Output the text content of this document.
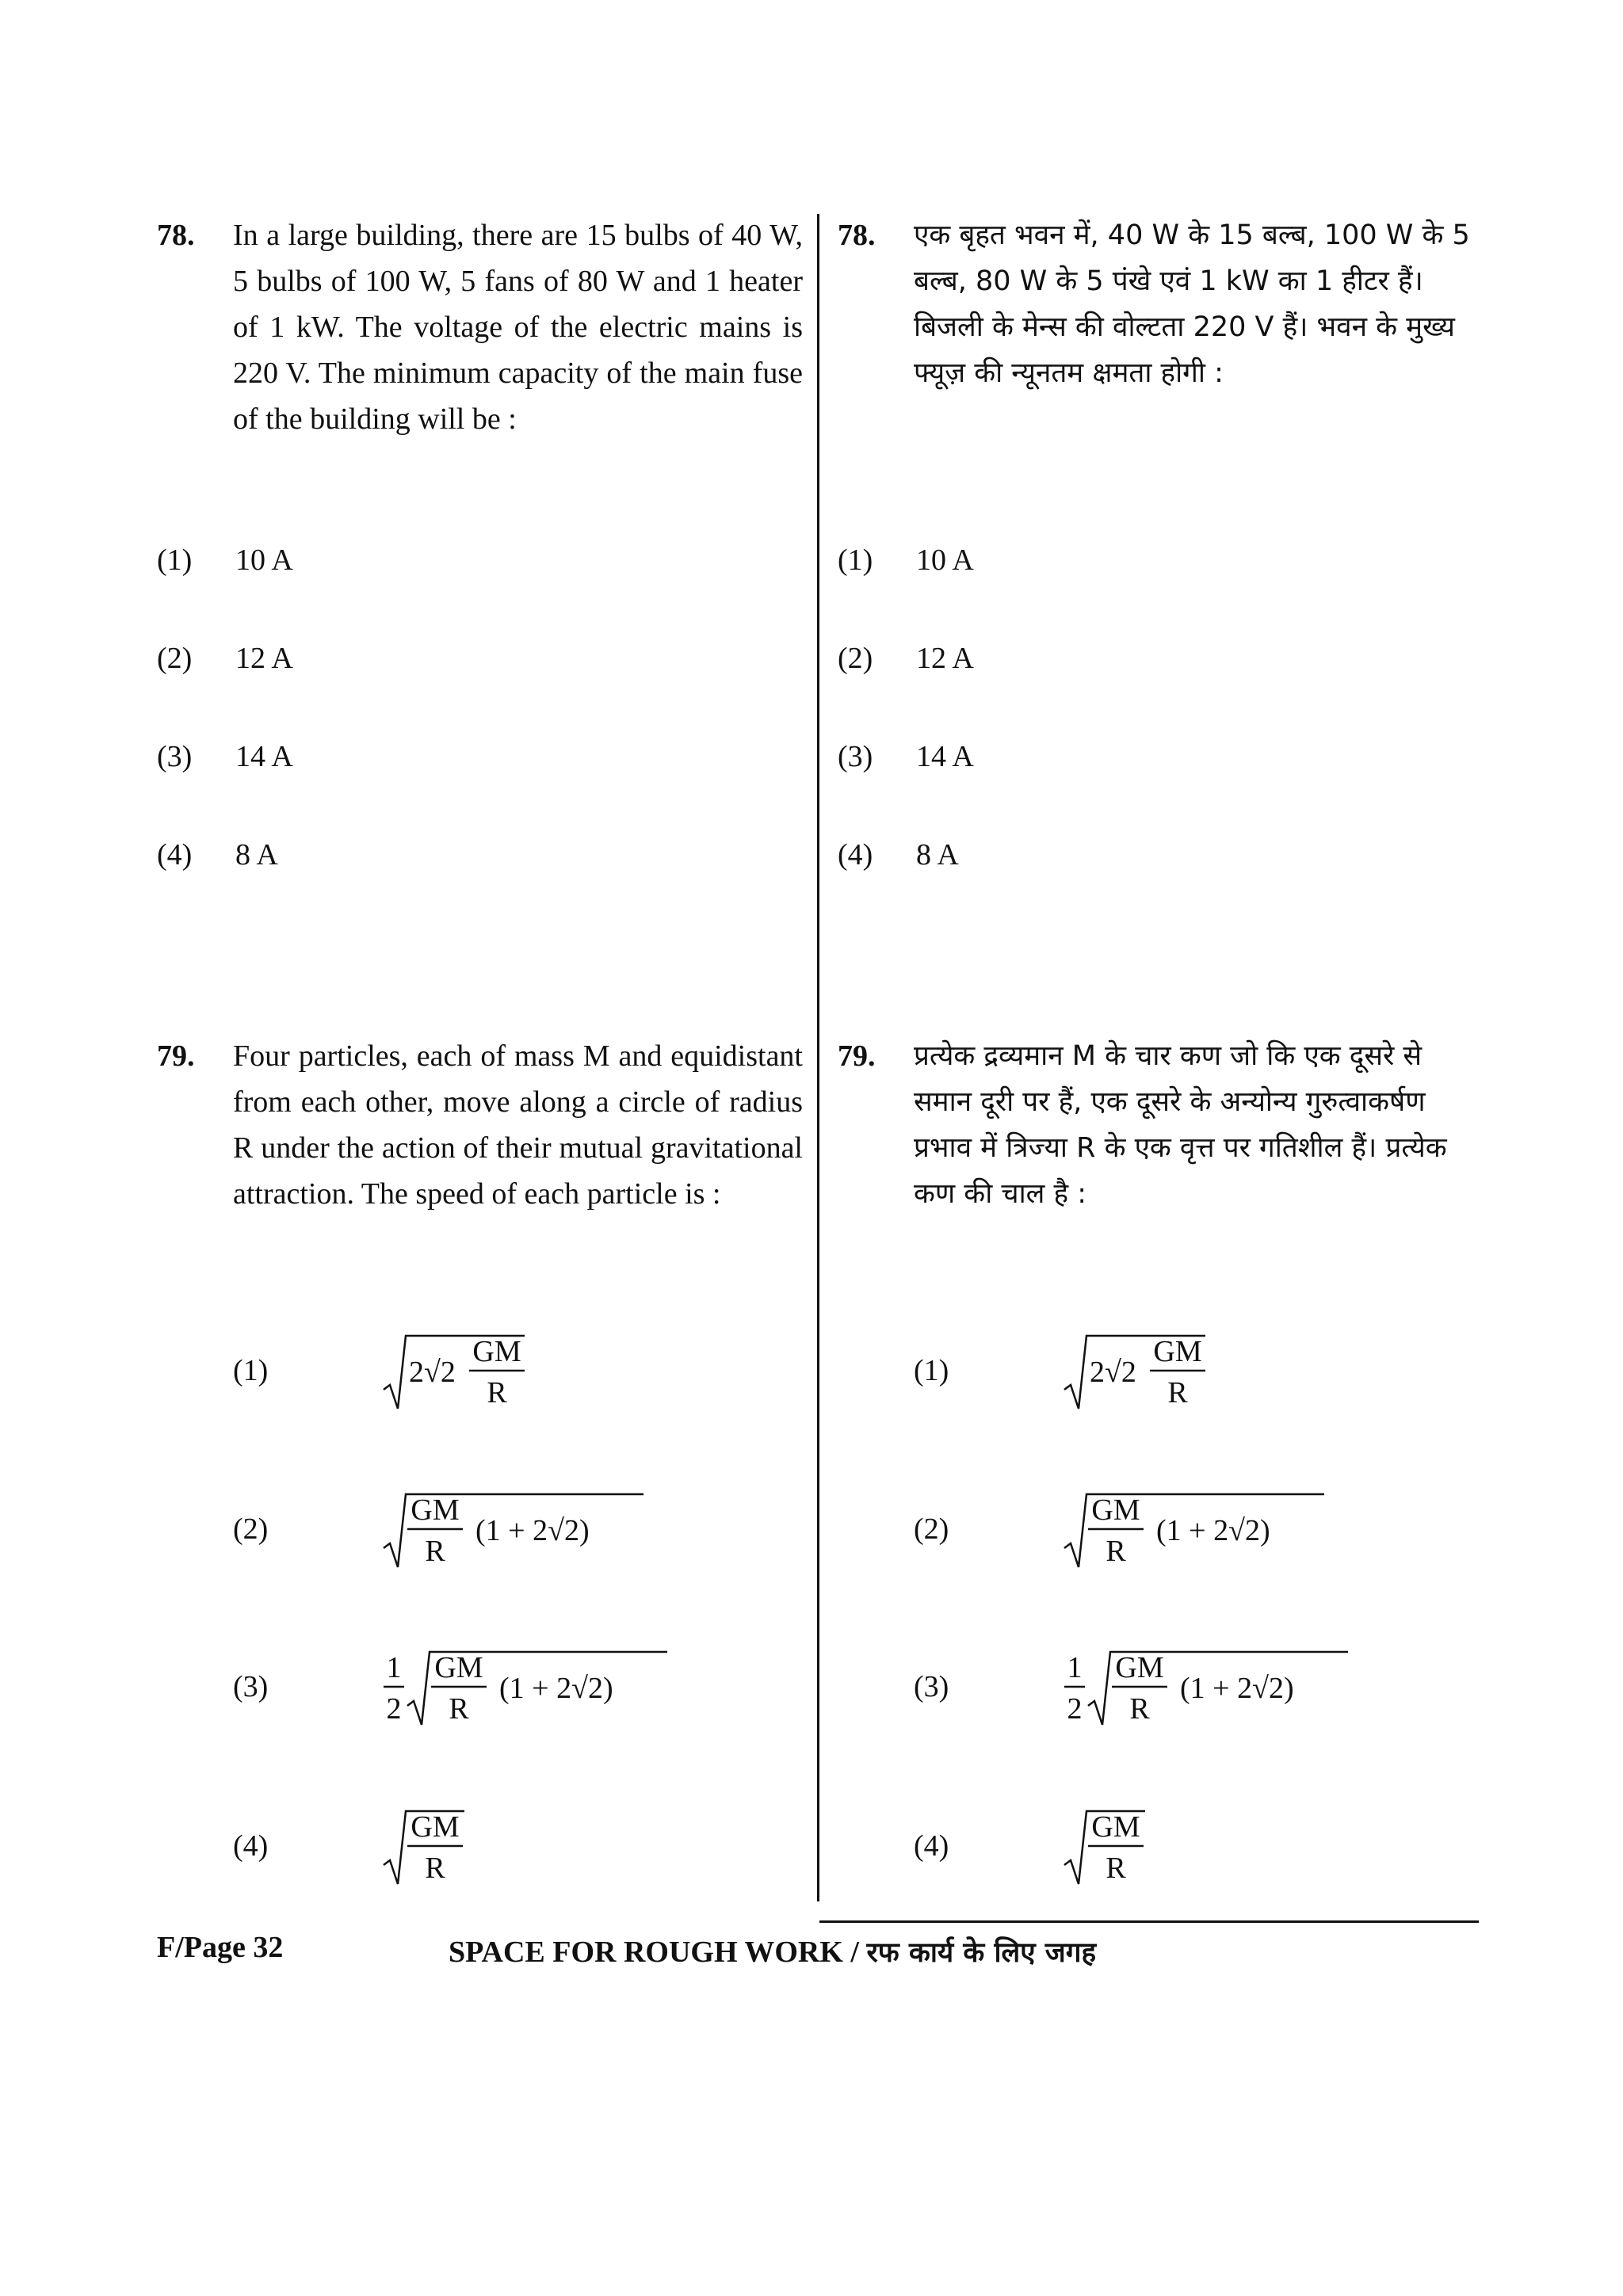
78. In a large building, there are 15 bulbs of 40 W, 5 bulbs of 100 W, 5 fans of 80 W and 1 heater of 1 kW. The voltage of the electric mains is 220 V. The minimum capacity of the main fuse of the building will be :
(1) 10 A
(2) 12 A
(3) 14 A
(4) 8 A
79. Four particles, each of mass M and equidistant from each other, move along a circle of radius R under the action of their mutual gravitational attraction. The speed of each particle is :
78. एक बृहत भवन में, 40 W के 15 बल्ब, 100 W के 5 बल्ब, 80 W के 5 पंखे एवं 1 kW का 1 हीटर हैं। बिजली के मेन्स की वोल्टता 220 V हैं। भवन के मुख्य फ्यूज़ की न्यूनतम क्षमता होगी :
(1) 10 A
(2) 12 A
(3) 14 A
(4) 8 A
79. प्रत्येक द्रव्यमान M के चार कण जो कि एक दूसरे से समान दूरी पर हैं, एक दूसरे के अन्योन्य गुरुत्वाकर्षण प्रभाव में त्रिज्या R के एक वृत्त पर गतिशील हैं। प्रत्येक कण की चाल है :
(1)	2√2
GM
R
(2)
GM
R
(1 + 2√2)
(3)
1
2
GM
R
(1 + 2√2)
(4)
GM
R
(1)	2√2
GM
R
(2)
GM
R
(1 + 2√2)
(3)
1
2
GM
R
(1 + 2√2)
(4)
GM
R
F/Page 32	SPACE FOR ROUGH WORK / रफ कार्य के लिए जगह
